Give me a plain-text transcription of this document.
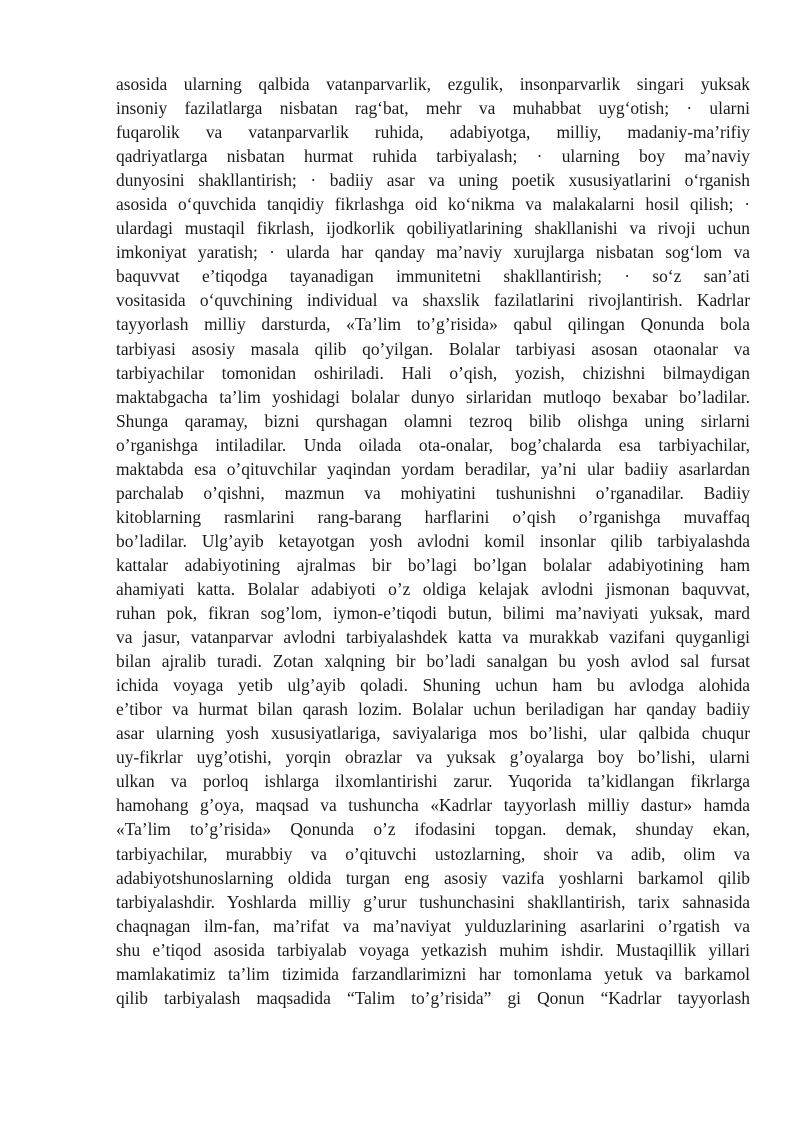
asosida ularning qalbida vatanparvarlik, ezgulik, insonparvarlik singari yuksak
insoniy fazilatlarga nisbatan rag‘bat, mehr va muhabbat uyg‘otish; · ularni
fuqarolik va vatanparvarlik ruhida, adabiyotga, milliy, madaniy-ma’rifiy
qadriyatlarga nisbatan hurmat ruhida tarbiyalash; · ularning boy ma’naviy
dunyosini shakllantirish; · badiiy asar va uning poetik xususiyatlarini o‘rganish
asosida o‘quvchida tanqidiy fikrlashga oid ko‘nikma va malakalarni hosil qilish; ·
ulardagi mustaqil fikrlash, ijodkorlik qobiliyatlarining shakllanishi va rivoji uchun
imkoniyat yaratish; · ularda har qanday ma’naviy xurujlarga nisbatan sog‘lom va
baquvvat e’tiqodga tayanadigan immunitetni shakllantirish; · so‘z san’ati
vositasida o‘quvchining individual va shaxslik fazilatlarini rivojlantirish. Kadrlar
tayyorlash milliy darsturda, «Ta’lim to’g’risida» qabul qilingan Qonunda bola
tarbiyasi asosiy masala qilib qo’yilgan. Bolalar tarbiyasi asosan otaonalar va
tarbiyachilar tomonidan oshiriladi. Hali o’qish, yozish, chizishni bilmaydigan
maktabgacha ta’lim yoshidagi bolalar dunyo sirlaridan mutloqo bexabar bo’ladilar.
Shunga qaramay, bizni qurshagan olamni tezroq bilib olishga uning sirlarni
o’rganishga intiladilar. Unda oilada ota-onalar, bog’chalarda esa tarbiyachilar,
maktabda esa o’qituvchilar yaqindan yordam beradilar, ya’ni ular badiiy asarlardan
parchalab o’qishni, mazmun va mohiyatini tushunishni o’rganadilar. Badiiy
kitoblarning rasmlarini rang-barang harflarini o’qish o’rganishga muvaffaq
bo’ladilar. Ulg’ayib ketayotgan yosh avlodni komil insonlar qilib tarbiyalashda
kattalar adabiyotining ajralmas bir bo’lagi bo’lgan bolalar adabiyotining ham
ahamiyati katta. Bolalar adabiyoti o’z oldiga kelajak avlodni jismonan baquvvat,
ruhan pok, fikran sog’lom, iymon-e’tiqodi butun, bilimi ma’naviyati yuksak, mard
va jasur, vatanparvar avlodni tarbiyalashdek katta va murakkab vazifani quyganligi
bilan ajralib turadi. Zotan xalqning bir bo’ladi sanalgan bu yosh avlod sal fursat
ichida voyaga yetib ulg’ayib qoladi. Shuning uchun ham bu avlodga alohida
e’tibor va hurmat bilan qarash lozim. Bolalar uchun beriladigan har qanday badiiy
asar ularning yosh xususiyatlariga, saviyalariga mos bo’lishi, ular qalbida chuqur
uy-fikrlar uyg’otishi, yorqin obrazlar va yuksak g’oyalarga boy bo’lishi, ularni
ulkan va porloq ishlarga ilxomlantirishi zarur. Yuqorida ta’kidlangan fikrlarga
hamohang g’oya, maqsad va tushuncha «Kadrlar tayyorlash milliy dastur» hamda
«Ta’lim to’g’risida» Qonunda o’z ifodasini topgan. demak, shunday ekan,
tarbiyachilar, murabbiy va o’qituvchi ustozlarning, shoir va adib, olim va
adabiyotshunoslarning oldida turgan eng asosiy vazifa yoshlarni barkamol qilib
tarbiyalashdir. Yoshlarda milliy g’urur tushunchasini shakllantirish, tarix sahnasida
chaqnagan ilm-fan, ma’rifat va ma’naviyat yulduzlarining asarlarini o’rgatish va
shu e’tiqod asosida tarbiyalab voyaga yetkazish muhim ishdir. Mustaqillik yillari
mamlakatimiz ta’lim tizimida farzandlarimizni har tomonlama yetuk va barkamol
qilib tarbiyalash maqsadida “Talim to’g’risida” gi Qonun “Kadrlar tayyorlash
